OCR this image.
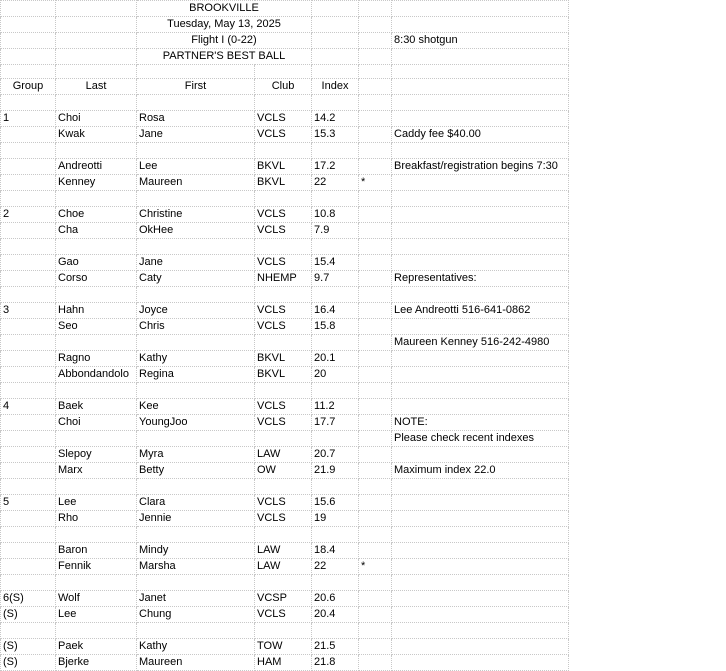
		BROOKVILLE				
		Tuesday, May 13, 2025				
		Flight I (0-22)				8:30 shotgun
		PARTNER'S BEST BALL				

Group	Last	First	Club	Index		

1	Choi	Rosa	VCLS	14.2		
	Kwak	Jane	VCLS	15.3		Caddy fee $40.00

	Andreotti	Lee	BKVL	17.2		Breakfast/registration begins 7:30
	Kenney	Maureen	BKVL	22	*	

2	Choe	Christine	VCLS	10.8		
	Cha	OkHee	VCLS	7.9		

	Gao	Jane	VCLS	15.4		
	Corso	Caty	NHEMP	9.7		Representatives:

3	Hahn	Joyce	VCLS	16.4		Lee Andreotti 516-641-0862
	Seo	Chris	VCLS	15.8		
						Maureen Kenney 516-242-4980
	Ragno	Kathy	BKVL	20.1		
	Abbondandolo	Regina	BKVL	20		

4	Baek	Kee	VCLS	11.2		
	Choi	YoungJoo	VCLS	17.7		NOTE:
						Please check recent indexes
	Slepoy	Myra	LAW	20.7		
	Marx	Betty	OW	21.9		Maximum index 22.0

5	Lee	Clara	VCLS	15.6		
	Rho	Jennie	VCLS	19		

	Baron	Mindy	LAW	18.4		
	Fennik	Marsha	LAW	22	*	

6(S)	Wolf	Janet	VCSP	20.6		
(S)	Lee	Chung	VCLS	20.4		

(S)	Paek	Kathy	TOW	21.5		
(S)	Bjerke	Maureen	HAM	21.8		
